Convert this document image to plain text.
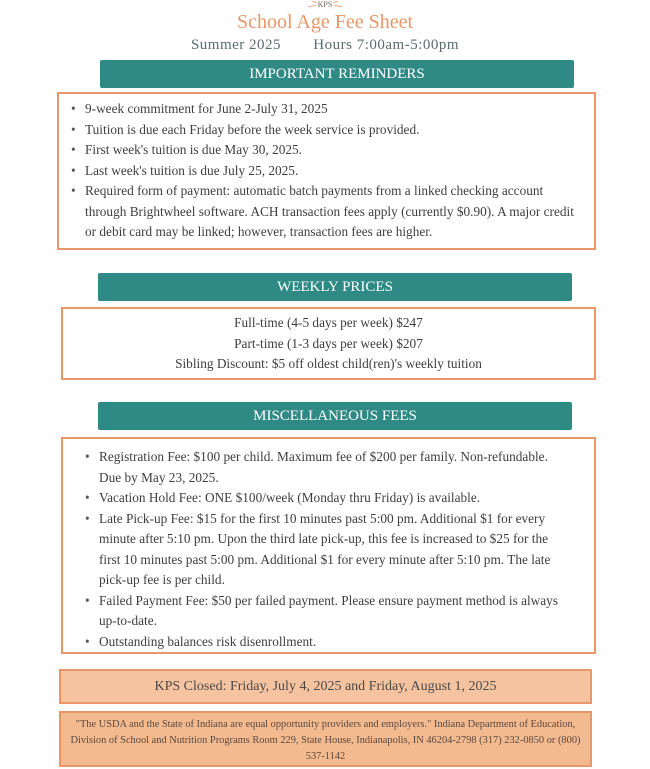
KPS
School Age Fee Sheet
Summer 2025 Hours 7:00am-5:00pm
IMPORTANT REMINDERS
• 9-week commitment for June 2-July 31, 2025
• Tuition is due each Friday before the week service is provided.
• First week's tuition is due May 30, 2025.
• Last week's tuition is due July 25, 2025.
• Required form of payment: automatic batch payments from a linked checking account through Brightwheel software. ACH transaction fees apply (currently $0.90). A major credit or debit card may be linked; however, transaction fees are higher.
WEEKLY PRICES
Full-time (4-5 days per week) $247
Part-time (1-3 days per week) $207
Sibling Discount: $5 off oldest child(ren)'s weekly tuition
MISCELLANEOUS FEES
• Registration Fee: $100 per child. Maximum fee of $200 per family. Non-refundable. Due by May 23, 2025.
• Vacation Hold Fee: ONE $100/week (Monday thru Friday) is available.
• Late Pick-up Fee: $15 for the first 10 minutes past 5:00 pm. Additional $1 for every minute after 5:10 pm. Upon the third late pick-up, this fee is increased to $25 for the first 10 minutes past 5:00 pm. Additional $1 for every minute after 5:10 pm. The late pick-up fee is per child.
• Failed Payment Fee: $50 per failed payment. Please ensure payment method is always up-to-date.
• Outstanding balances risk disenrollment.
KPS Closed: Friday, July 4, 2025 and Friday, August 1, 2025
"The USDA and the State of Indiana are equal opportunity providers and employers." Indiana Department of Education, Division of School and Nutrition Programs Room 229, State House, Indianapolis, IN 46204-2798 (317) 232-0850 or (800) 537-1142
